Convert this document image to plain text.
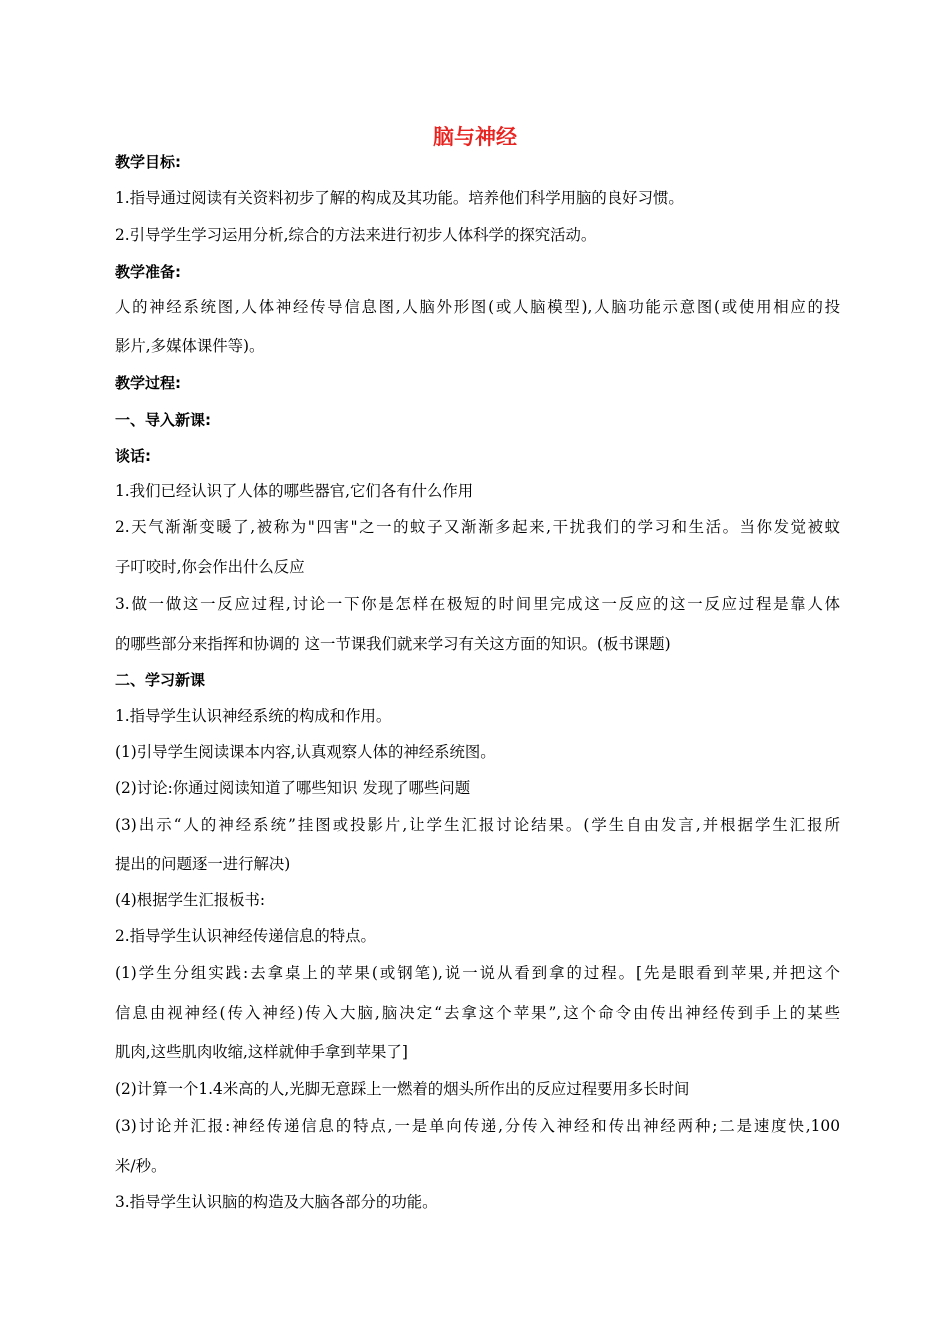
脑与神经

教学目标:

1.指导通过阅读有关资料初步了解的构成及其功能。培养他们科学用脑的良好习惯。

2.引导学生学习运用分析,综合的方法来进行初步人体科学的探究活动。

教学准备:

人的神经系统图,人体神经传导信息图,人脑外形图(或人脑模型),人脑功能示意图(或使用相应的投

影片,多媒体课件等)。

教学过程:

一、导入新课:

谈话:

1.我们已经认识了人体的哪些器官,它们各有什么作用

2.天气渐渐变暖了,被称为"四害"之一的蚊子又渐渐多起来,干扰我们的学习和生活。当你发觉被蚊

子叮咬时,你会作出什么反应

3.做一做这一反应过程,讨论一下你是怎样在极短的时间里完成这一反应的这一反应过程是靠人体

的哪些部分来指挥和协调的 这一节课我们就来学习有关这方面的知识。(板书课题)

二、学习新课

1.指导学生认识神经系统的构成和作用。

(1)引导学生阅读课本内容,认真观察人体的神经系统图。

(2)讨论:你通过阅读知道了哪些知识 发现了哪些问题

(3)出示“人的神经系统”挂图或投影片,让学生汇报讨论结果。(学生自由发言,并根据学生汇报所

提出的问题逐一进行解决)

(4)根据学生汇报板书:

2.指导学生认识神经传递信息的特点。

(1)学生分组实践:去拿桌上的苹果(或钢笔),说一说从看到拿的过程。[先是眼看到苹果,并把这个

信息由视神经(传入神经)传入大脑,脑决定“去拿这个苹果”,这个命令由传出神经传到手上的某些

肌肉,这些肌肉收缩,这样就伸手拿到苹果了]

(2)计算一个1.4米高的人,光脚无意踩上一燃着的烟头所作出的反应过程要用多长时间

(3)讨论并汇报:神经传递信息的特点,一是单向传递,分传入神经和传出神经两种;二是速度快,100

米/秒。

3.指导学生认识脑的构造及大脑各部分的功能。
